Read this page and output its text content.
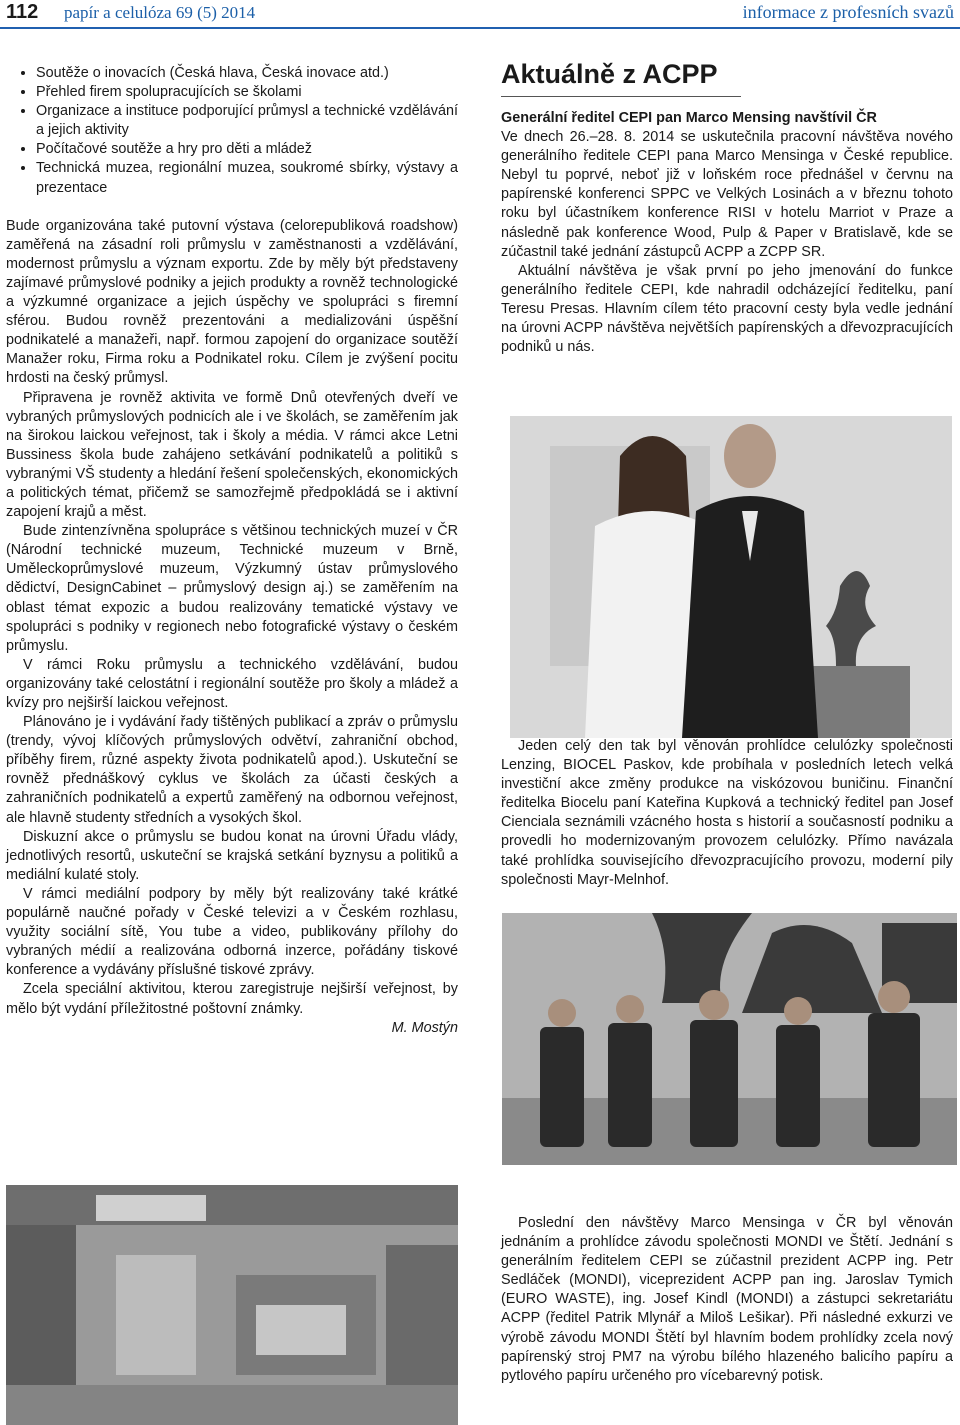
112 papír a celulóza 69 (5) 2014	informace z profesních svazů
• Soutěže o inovacích (Česká hlava, Česká inovace atd.)
• Přehled firem spolupracujících se školami
• Organizace a instituce podporující průmysl a technické vzdělávání a jejich aktivity
• Počítačové soutěže a hry pro děti a mládež
• Technická muzea, regionální muzea, soukromé sbírky, výstavy a prezentace

Bude organizována také putovní výstava (celorepubliková roadshow) zaměřená na zásadní roli průmyslu v zaměstnanosti a vzdělávání, modernost průmyslu a význam exportu. Zde by měly být představeny zajímavé průmyslové podniky a jejich produkty a rovněž technologické a výzkumné organizace a jejich úspěchy ve spolupráci s firemní sférou. Budou rovněž prezentováni a medializováni úspěšní podnikatelé a manažeři, např. formou zapojení do organizace soutěží Manažer roku, Firma roku a Podnikatel roku. Cílem je zvýšení pocitu hrdosti na český průmysl.

Připravena je rovněž aktivita ve formě Dnů otevřených dveří ve vybraných průmyslových podnicích ale i ve školách, se zaměřením jak na širokou laickou veřejnost, tak i školy a média. V rámci akce Letni Bussiness škola bude zahájeno setkávání podnikatelů a politiků s vybranými VŠ studenty a hledání řešení společenských, ekonomických a politických témat, přičemž se samozřejmě předpokládá se i aktivní zapojení krajů a měst.

Bude zintenzívněna spolupráce s většinou technických muzeí v ČR (Národní technické muzeum, Technické muzeum v Brně, Uměleckoprůmyslové muzeum, Výzkumný ústav průmyslového dědictví, DesignCabinet – průmyslový design aj.) se zaměřením na oblast témat expozic a budou realizovány tematické výstavy ve spolupráci s podniky v regionech nebo fotografické výstavy o českém průmyslu.

V rámci Roku průmyslu a technického vzdělávání, budou organizovány také celostátní i regionální soutěže pro školy a mládež a kvízy pro nejširší laickou veřejnost.

Plánováno je i vydávání řady tištěných publikací a zpráv o průmyslu (trendy, vývoj klíčových průmyslových odvětví, zahraniční obchod, příběhy firem, různé aspekty života podnikatelů apod.). Uskuteční se rovněž přednáškový cyklus ve školách za účasti českých a zahraničních podnikatelů a expertů zaměřený na odbornou veřejnost, ale hlavně studenty středních a vysokých škol.

Diskuzní akce o průmyslu se budou konat na úrovni Úřadu vlády, jednotlivých resortů, uskuteční se krajská setkání byznysu a politiků a mediální kulaté stoly.

V rámci mediální podpory by měly být realizovány také krátké populárně naučné pořady v České televizi a v Českém rozhlasu, využity sociální sítě, You tube a video, publikovány přílohy do vybraných médií a realizována odborná inzerce, pořádány tiskové konference a vydávány příslušné tiskové zprávy.

Zcela speciální aktivitou, kterou zaregistruje nejširší veřejnost, by mělo být vydání příležitostné poštovní známky.

M. Mostýn
Aktuálně z ACPP

Generální ředitel CEPI pan Marco Mensing navštívil ČR

Ve dnech 26.–28. 8. 2014 se uskutečnila pracovní návštěva nového generálního ředitele CEPI pana Marco Mensinga v České republice. Nebyl tu poprvé, neboť již v loňském roce přednášel v červnu na papírenské konferenci SPPC ve Velkých Losinách a v březnu tohoto roku byl účastníkem konference RISI v hotelu Marriot v Praze a následně pak konference Wood, Pulp & Paper v Bratislavě, kde se zúčastnil také jednání zástupců ACPP a ZCPP SR.

Aktuální návštěva je však první po jeho jmenování do funkce generálního ředitele CEPI, kde nahradil odcházející ředitelku, paní Teresu Presas. Hlavním cílem této pracovní cesty byla vedle jednání na úrovni ACPP návštěva největších papírenských a dřevozpracujících podniků u nás.

Jeden celý den tak byl věnován prohlídce celulózky společnosti Lenzing, BIOCEL Paskov, kde probíhala v posledních letech velká investiční akce změny produkce na viskózovou buničinu. Finanční ředitelka Biocelu paní Kateřina Kupková a technický ředitel pan Josef Cienciala seznámili vzácného hosta s historií a současností podniku a provedli ho modernizovaným provozem celulózky. Přímo navázala také prohlídka souvisejícího dřevozpracujícího provozu, moderní pily společnosti Mayr-Melnhof.

Poslední den návštěvy Marco Mensinga v ČR byl věnován jednáním a prohlídce závodu společnosti MONDI ve Štětí. Jednání s generálním ředitelem CEPI se zúčastnil prezident ACPP ing. Petr Sedláček (MONDI), viceprezident ACPP pan ing. Jaroslav Tymich (EURO WASTE), ing. Josef Kindl (MONDI) a zástupci sekretariátu ACPP (ředitel Patrik Mlynář a Miloš Lešikar). Při následné exkurzi ve výrobě závodu MONDI Štětí byl hlavním bodem prohlídky zcela nový papírenský stroj PM7 na výrobu bílého hlazeného balicího papíru a pytlového papíru určeného pro vícebarevný potisk.
